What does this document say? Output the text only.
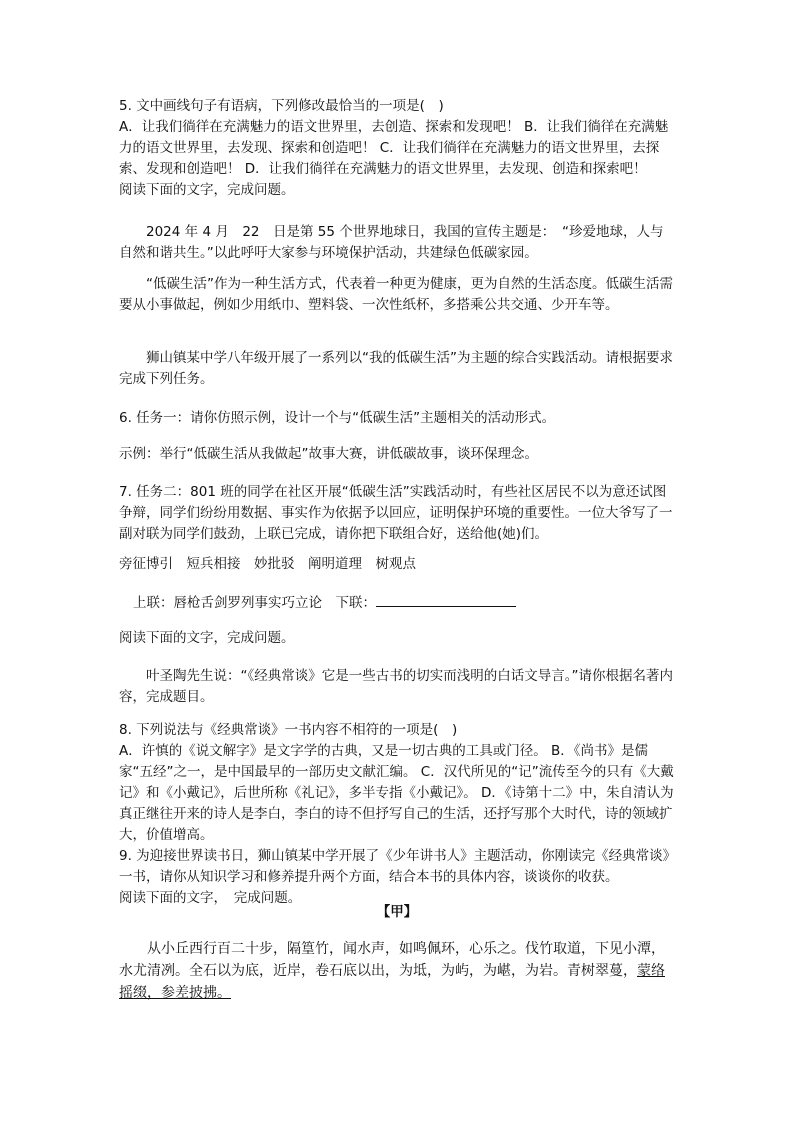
5. 文中画线句子有语病，下列修改最恰当的一项是(　)

A．让我们徜徉在充满魅力的语文世界里，去创造、探索和发现吧！ B．让我们徜徉在充满魅力的语文世界里，去发现、探索和创造吧！ C．让我们徜徉在充满魅力的语文世界里，去探索、发现和创造吧！ D．让我们徜徉在充满魅力的语文世界里，去发现、创造和探索吧！

阅读下面的文字，完成问题。

2024 年 4 月　22　日是第 55 个世界地球日，我国的宣传主题是：　“珍爱地球，人与自然和谐共生。”以此呼吁大家参与环境保护活动，共建绿色低碳家园。
“低碳生活”作为一种生活方式，代表着一种更为健康，更为自然的生活态度。低碳生活需要从小事做起，例如少用纸巾、塑料袋、一次性纸杯，多搭乘公共交通、少开车等。
狮山镇某中学八年级开展了一系列以“我的低碳生活”为主题的综合实践活动。请根据要求完成下列任务。
6. 任务一：请你仿照示例，设计一个与“低碳生活”主题相关的活动形式。
示例：举行“低碳生活从我做起”故事大赛，讲低碳故事，谈环保理念。
7. 任务二：801 班的同学在社区开展“低碳生活”实践活动时，有些社区居民不以为意还试图争辩，同学们纷纷用数据、事实作为依据予以回应，证明保护环境的重要性。一位大爷写了一副对联为同学们鼓劲，上联已完成，请你把下联组合好，送给他(她)们。
旁征博引　短兵相接　妙批驳　阐明道理　树观点
上联：唇枪舌剑罗列事实巧立论　 下联：
阅读下面的文字，完成问题。
叶圣陶先生说：“《经典常谈》它是一些古书的切实而浅明的白话文导言。”请你根据名著内容，完成题目。

8. 下列说法与《经典常谈》一书内容不相符的一项是(　)

A．许慎的《说文解字》是文字学的古典，又是一切古典的工具或门径。 B．《尚书》是儒家“五经”之一，是中国最早的一部历史文献汇编。 C．汉代所见的“记”流传至今的只有《大戴记》和《小戴记》，后世所称《礼记》，多半专指《小戴记》。 D．《诗第十二》中，朱自清认为真正继往开来的诗人是李白，李白的诗不但抒写自己的生活，还抒写那个大时代，诗的领域扩大，价值增高。

9. 为迎接世界读书日，狮山镇某中学开展了《少年讲书人》主题活动，你刚读完《经典常谈》一书，请你从知识学习和修养提升两个方面，结合本书的具体内容，谈谈你的收获。

阅读下面的文字，　完成问题。

【甲】
从小丘西行百二十步，隔篁竹，闻水声，如鸣佩环，心乐之。伐竹取道，下见小潭，水尤清冽。全石以为底，近岸，卷石底以出，为坻，为屿，为嵁，为岩。青树翠蔓，蒙络摇缀，参差披拂。
